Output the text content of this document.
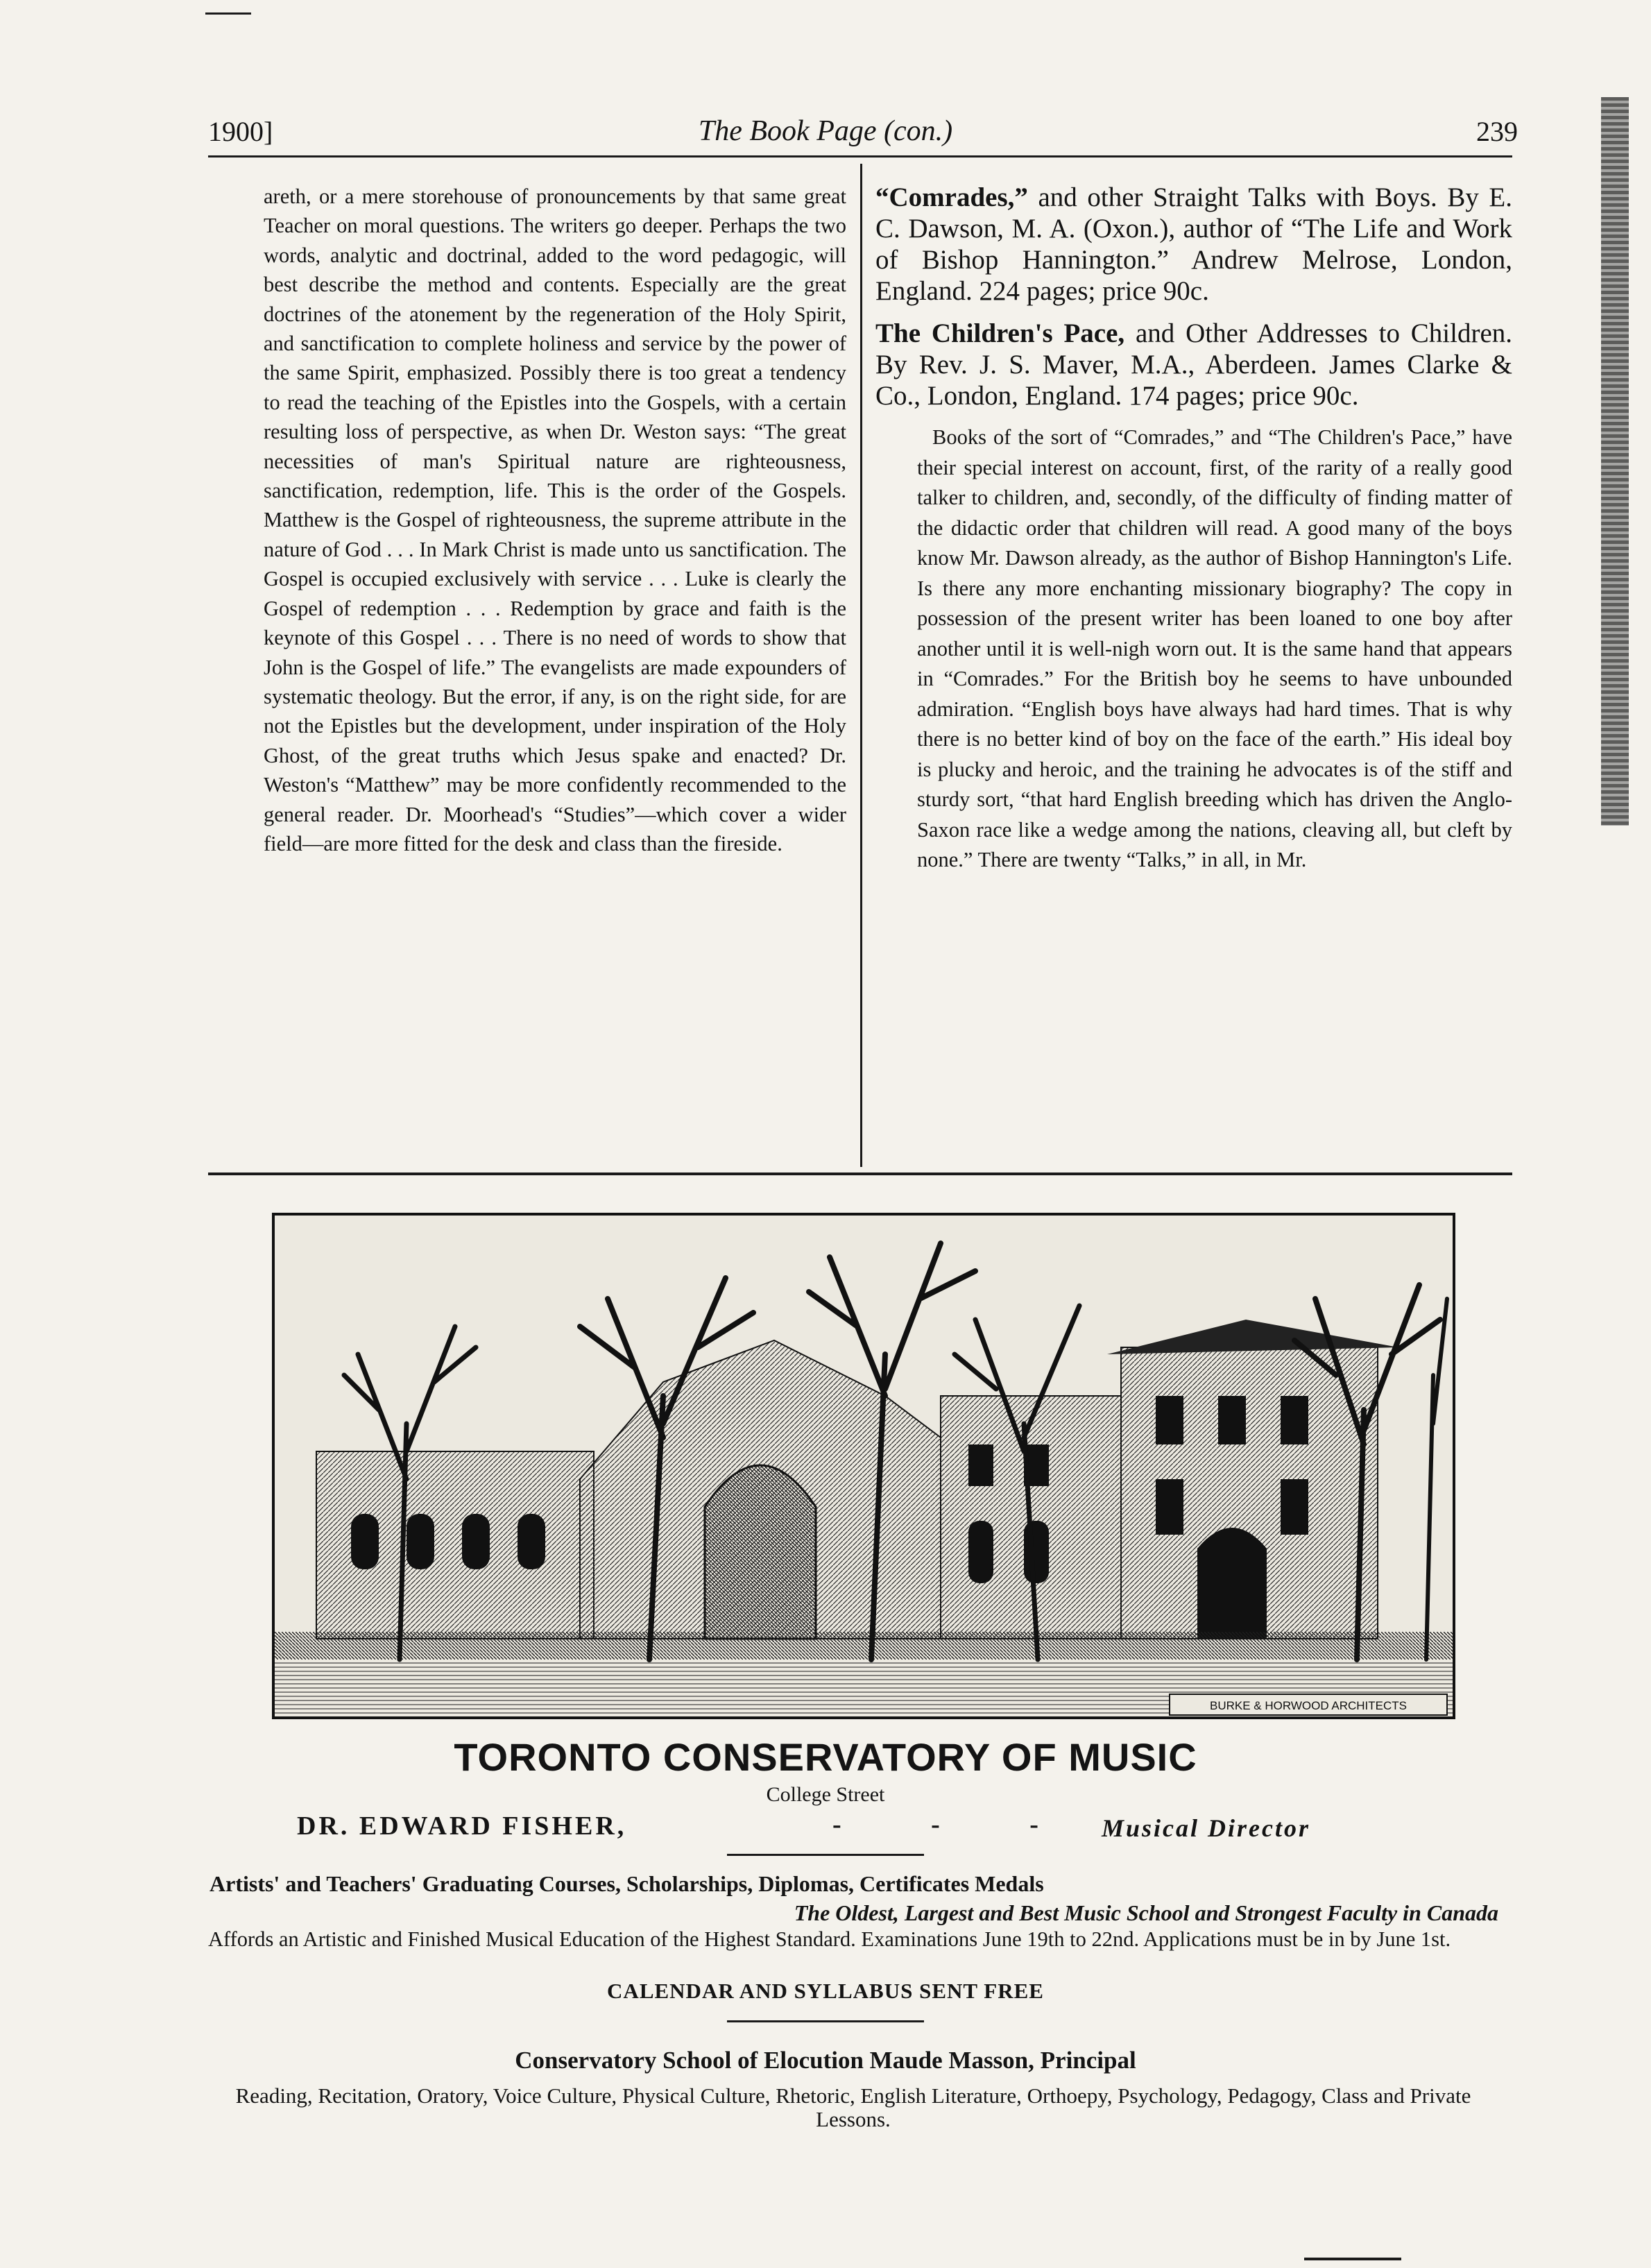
1900]	The Book Page (con.)	239

areth, or a mere storehouse of pronouncements by that same great Teacher on moral questions. The writers go deeper. Perhaps the two words, analytic and doctrinal, added to the word pedagogic, will best describe the method and contents. Especially are the great doctrines of the atonement by the regeneration of the Holy Spirit, and sanctification to complete holiness and service by the power of the same Spirit, emphasized. Possibly there is too great a tendency to read the teaching of the Epistles into the Gospels, with a certain resulting loss of perspective, as when Dr. Weston says: “The great necessities of man's Spiritual nature are righteousness, sanctification, redemption, life. This is the order of the Gospels. Matthew is the Gospel of righteousness, the supreme attribute in the nature of God . . . In Mark Christ is made unto us sanctification. The Gospel is occupied exclusively with service . . . Luke is clearly the Gospel of redemption . . . Redemption by grace and faith is the keynote of this Gospel . . . There is no need of words to show that John is the Gospel of life.” The evangelists are made expounders of systematic theology. But the error, if any, is on the right side, for are not the Epistles but the development, under inspiration of the Holy Ghost, of the great truths which Jesus spake and enacted? Dr. Weston's “Matthew” may be more confidently recommended to the general reader. Dr. Moorhead's “Studies”—which cover a wider field—are more fitted for the desk and class than the fireside.

“Comrades,” and other Straight Talks with Boys. By E. C. Dawson, M. A. (Oxon.), author of “The Life and Work of Bishop Hannington.” Andrew Melrose, London, England. 224 pages; price 90c.

The Children's Pace, and Other Addresses to Children. By Rev. J. S. Maver, M.A., Aberdeen. James Clarke & Co., London, England. 174 pages; price 90c.

Books of the sort of “Comrades,” and “The Children's Pace,” have their special interest on account, first, of the rarity of a really good talker to children, and, secondly, of the difficulty of finding matter of the didactic order that children will read. A good many of the boys know Mr. Dawson already, as the author of Bishop Hannington's Life. Is there any more enchanting missionary biography? The copy in possession of the present writer has been loaned to one boy after another until it is well-nigh worn out. It is the same hand that appears in “Comrades.” For the British boy he seems to have unbounded admiration. “English boys have always had hard times. That is why there is no better kind of boy on the face of the earth.” His ideal boy is plucky and heroic, and the training he advocates is of the stiff and sturdy sort, “that hard English breeding which has driven the Anglo-Saxon race like a wedge among the nations, cleaving all, but cleft by none.” There are twenty “Talks,” in all, in Mr.

BURKE & HORWOOD ARCHITECTS
TORONTO CONSERVATORY OF MUSIC
College Street
DR. EDWARD FISHER,	- - - Musical Director
Artists' and Teachers' Graduating Courses, Scholarships, Diplomas, Certificates Medals
The Oldest, Largest and Best Music School and Strongest Faculty in Canada
Affords an Artistic and Finished Musical Education of the Highest Standard. Examinations June 19th to 22nd. Applications must be in by June 1st.
CALENDAR AND SYLLABUS SENT FREE
Conservatory School of Elocution Maude Masson, Principal
Reading, Recitation, Oratory, Voice Culture, Physical Culture, Rhetoric, English Literature, Orthoepy, Psychology, Pedagogy, Class and Private Lessons.
